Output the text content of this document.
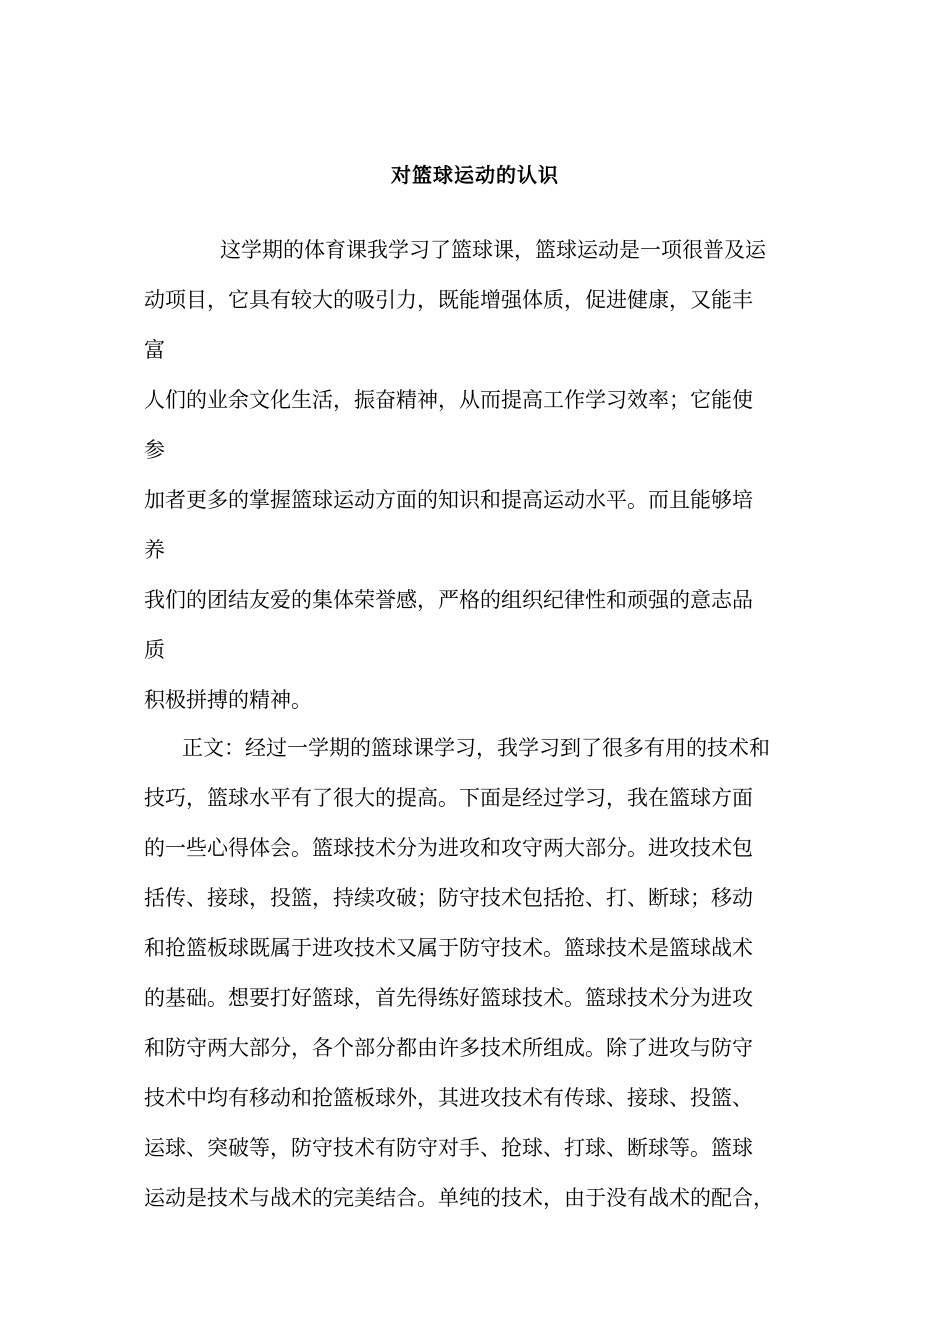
对篮球运动的认识
这学期的体育课我学习了篮球课，篮球运动是一项很普及运
动项目，它具有较大的吸引力，既能增强体质，促进健康，又能丰
富
人们的业余文化生活，振奋精神，从而提高工作学习效率；它能使
参
加者更多的掌握篮球运动方面的知识和提高运动水平。而且能够培
养
我们的团结友爱的集体荣誉感，严格的组织纪律性和顽强的意志品
质
积极拼搏的精神。
正文：经过一学期的篮球课学习，我学习到了很多有用的技术和
技巧，篮球水平有了很大的提高。下面是经过学习，我在篮球方面
的一些心得体会。篮球技术分为进攻和攻守两大部分。进攻技术包
括传、接球，投篮，持续攻破；防守技术包括抢、打、断球；移动
和抢篮板球既属于进攻技术又属于防守技术。篮球技术是篮球战术
的基础。想要打好篮球，首先得练好篮球技术。篮球技术分为进攻
和防守两大部分，各个部分都由许多技术所组成。除了进攻与防守
技术中均有移动和抢篮板球外，其进攻技术有传球、接球、投篮、
运球、突破等，防守技术有防守对手、抢球、打球、断球等。篮球
运动是技术与战术的完美结合。单纯的技术，由于没有战术的配合，
